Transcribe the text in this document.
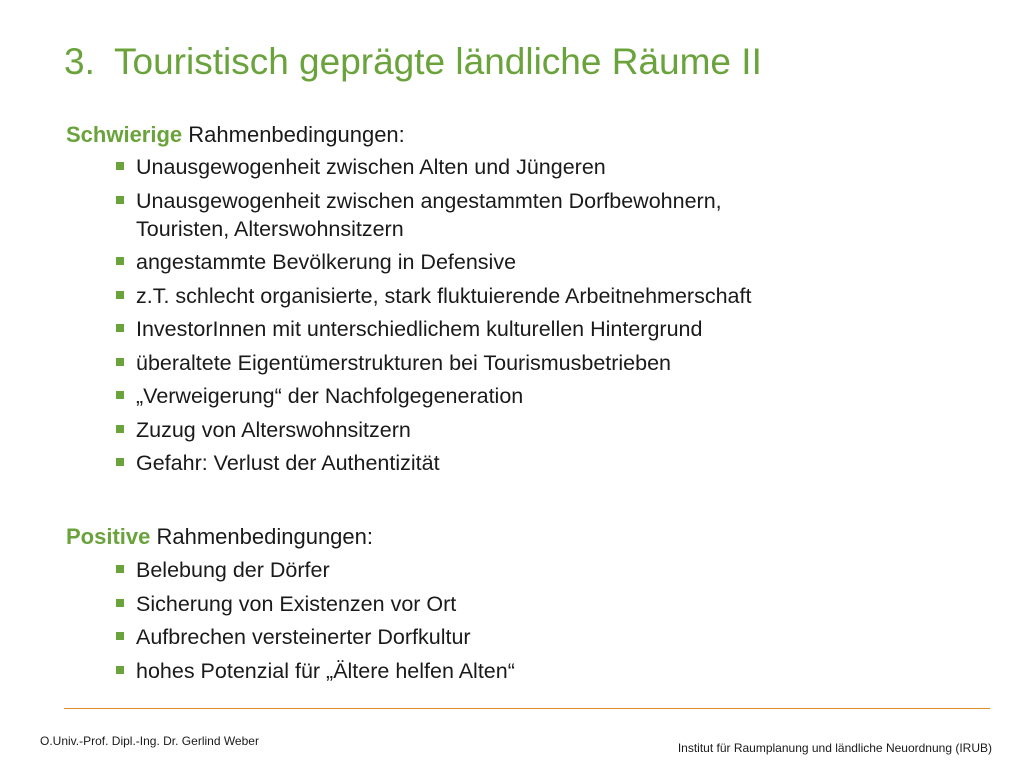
3. Touristisch geprägte ländliche Räume II
Schwierige Rahmenbedingungen:
Unausgewogenheit zwischen Alten und Jüngeren
Unausgewogenheit zwischen angestammten Dorfbewohnern,
Touristen, Alterswohnsitzern
angestammte Bevölkerung in Defensive
z.T. schlecht organisierte, stark fluktuierende Arbeitnehmerschaft
InvestorInnen mit unterschiedlichem kulturellen Hintergrund
überaltete Eigentümerstrukturen bei Tourismusbetrieben
„Verweigerung“ der Nachfolgegeneration
Zuzug von Alterswohnsitzern
Gefahr: Verlust der Authentizität
Positive Rahmenbedingungen:
Belebung der Dörfer
Sicherung von Existenzen vor Ort
Aufbrechen versteinerter Dorfkultur
hohes Potenzial für „Ältere helfen Alten“
O.Univ.-Prof. Dipl.-Ing. Dr. Gerlind Weber	Institut für Raumplanung und ländliche Neuordnung (IRUB)
